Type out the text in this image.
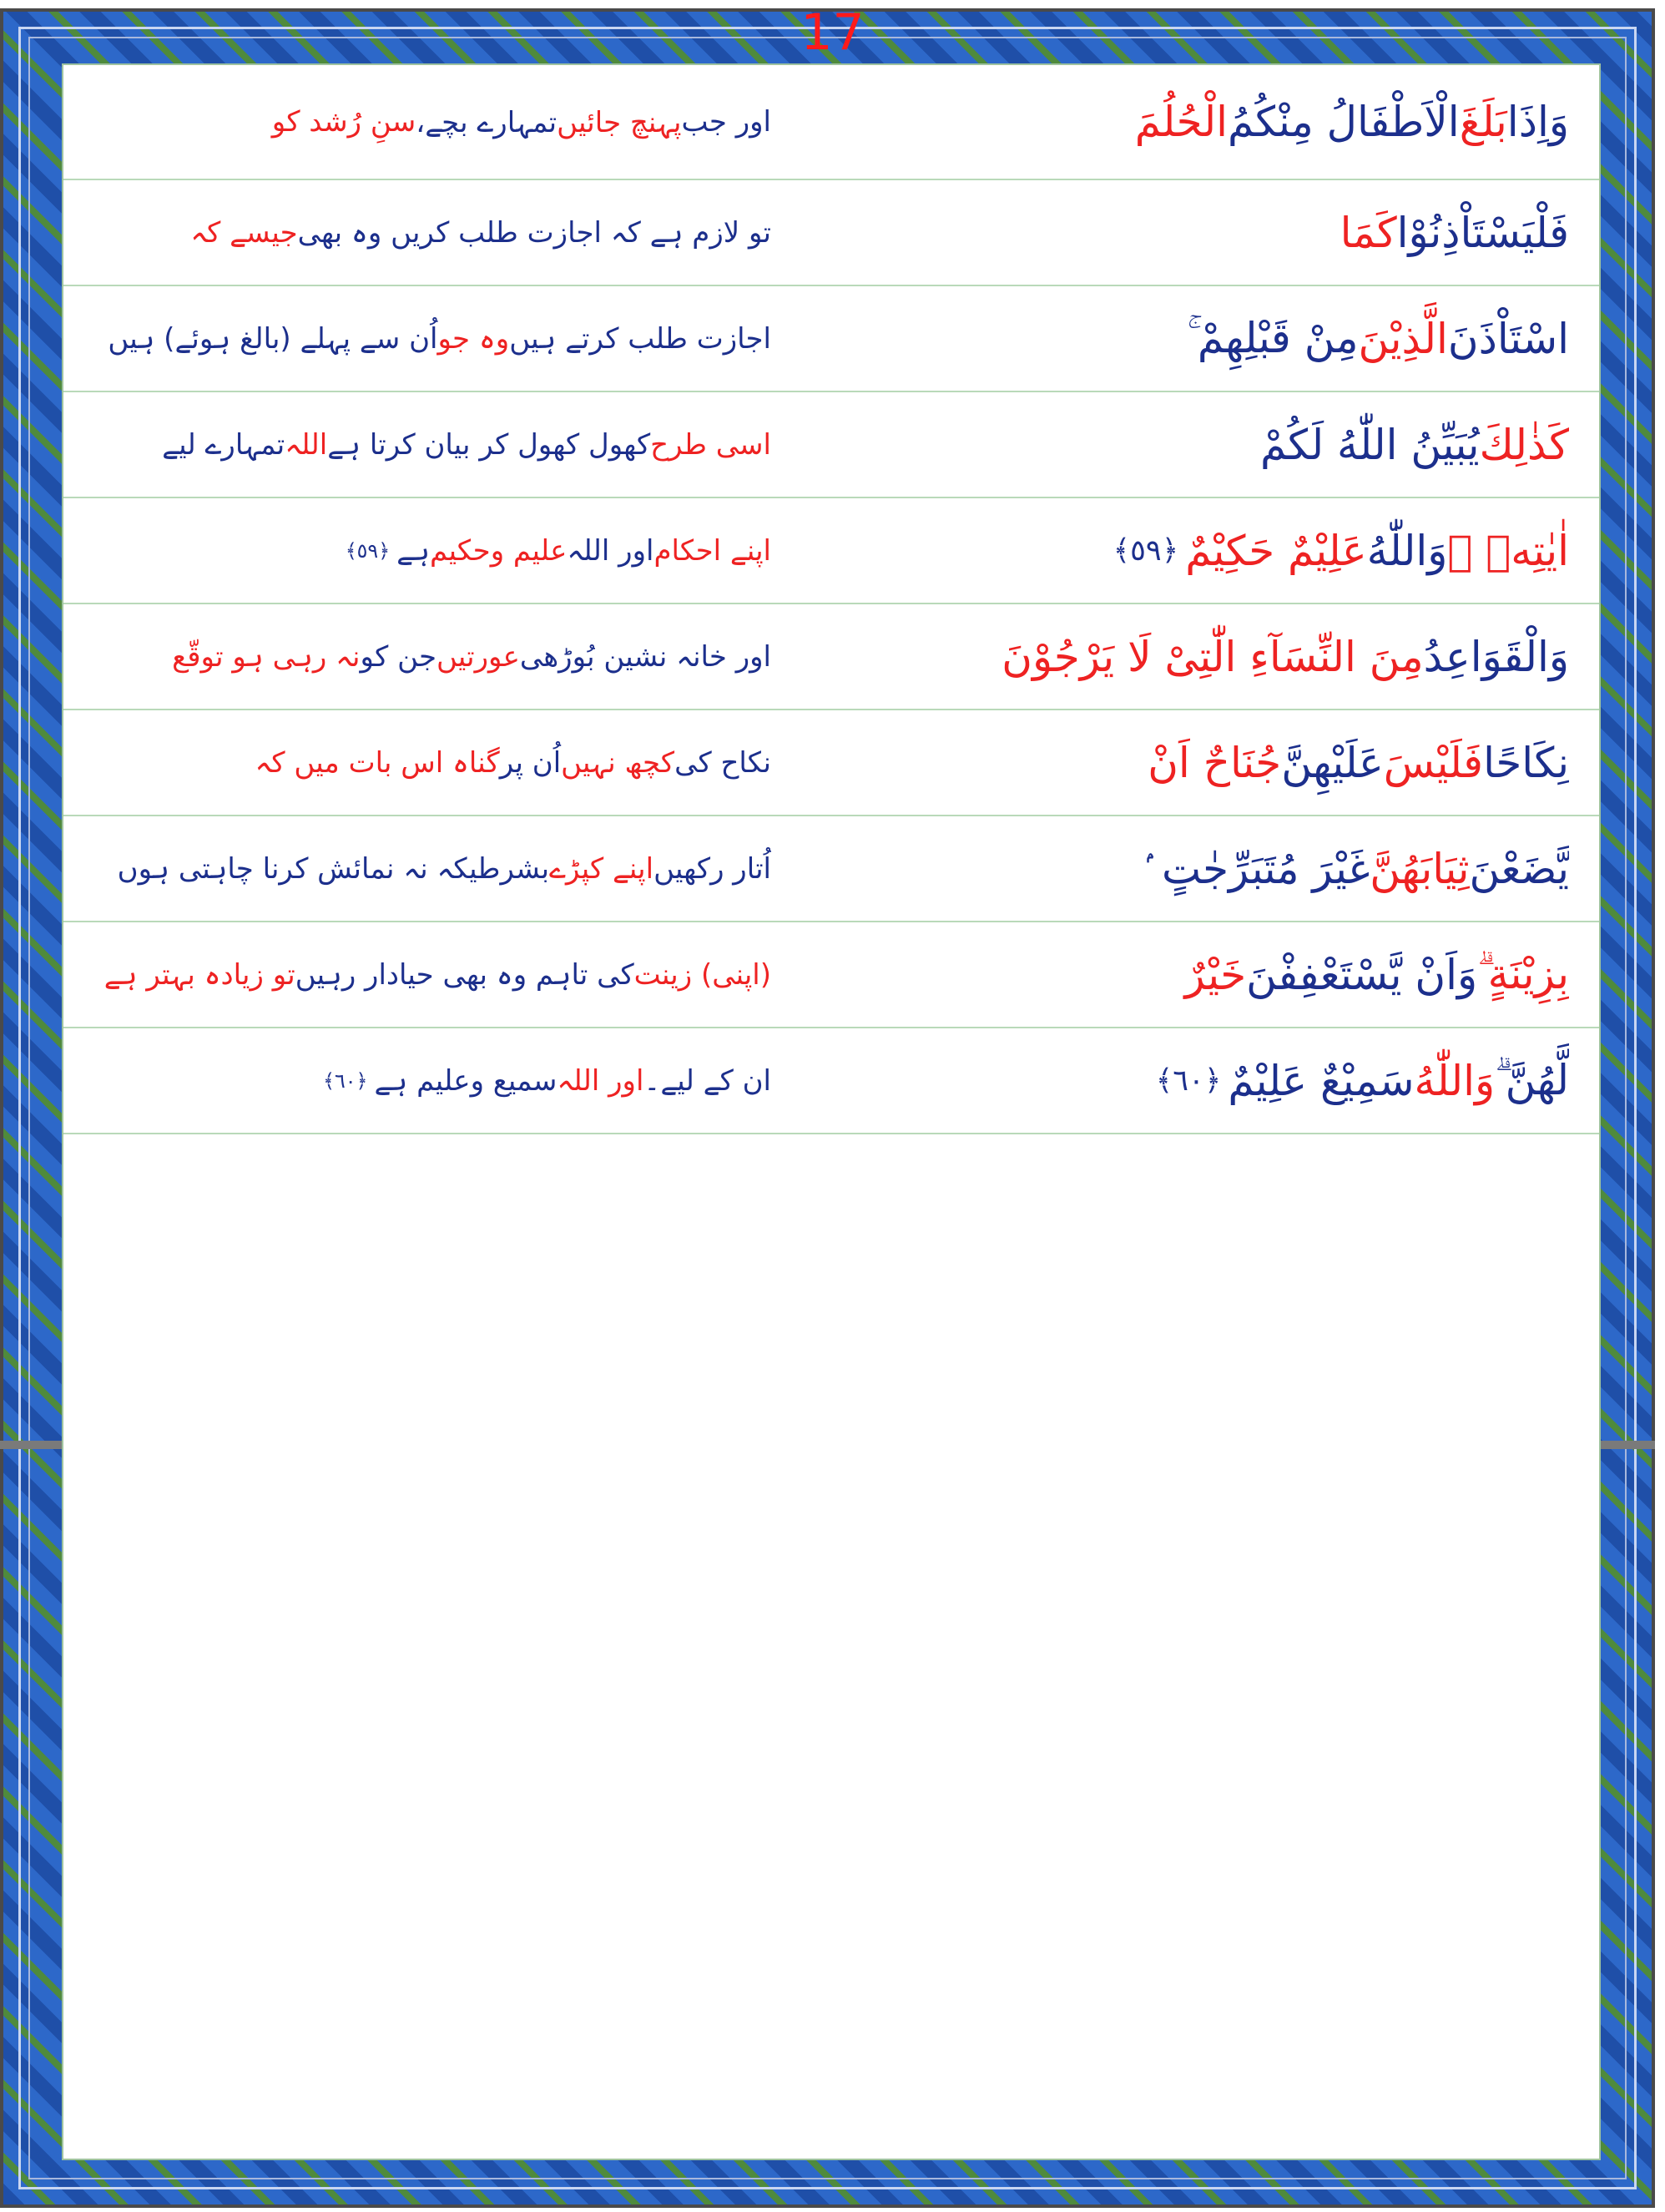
17
وَاِذَا
بَلَغَ
الْاَطْفَالُ مِنْكُمُ
الْحُلُمَ
اور جب
پہنچ جائیں
تمہارے بچے،
سنِ رُشد کو
فَلْيَسْتَاْذِنُوْا
كَمَا
تو لازم ہے کہ اجازت طلب کریں وہ بھی
جیسے کہ
اسْتَاْذَنَ
الَّذِيْنَ
مِنْ قَبْلِهِمْ ۚ
اجازت طلب کرتے ہیں
وہ جو
اُن سے پہلے (بالغ ہوئے) ہیں
كَذٰلِكَ
يُبَيِّنُ اللّٰهُ لَكُمْ
اسی طرح
کھول کھول کر بیان کرتا ہے
اللہ
تمہارے لیے
اٰيٰتِهٖ ۗ
وَاللّٰهُ
عَلِيْمٌ حَكِيْمٌ
﴿٥٩﴾
اپنے احکام
اور اللہ
علیم وحکیم
ہے
﴿٥٩﴾
وَالْقَوَاعِدُ
مِنَ النِّسَآءِ الّٰتِىْ لَا يَرْجُوْنَ
اور خانہ نشین بُوڑھی
عورتیں
جن کو
نہ رہی ہو توقّع
نِكَاحًا
فَلَيْسَ
عَلَيْهِنَّ
جُنَاحٌ اَنْ
نکاح کی
کچھ نہیں
اُن پر
گناہ اس بات میں کہ
يَّضَعْنَ
ثِيَابَهُنَّ
غَيْرَ مُتَبَرِّجٰتٍ ۢ
اُتار رکھیں
اپنے کپڑے
بشرطیکہ نہ نمائش کرنا چاہتی ہوں
بِزِيْنَةٍ ۗ
وَاَنْ يَّسْتَعْفِفْنَ
خَيْرٌ
(اپنی) زینت
کی تاہم وہ بھی حیادار رہیں
تو زیادہ بہتر ہے
لَّهُنَّ ۗ
وَاللّٰهُ
سَمِيْعٌ عَلِيْمٌ
﴿٦٠﴾
ان کے لیے۔
اور اللہ
سمیع وعلیم ہے
﴿٦٠﴾
